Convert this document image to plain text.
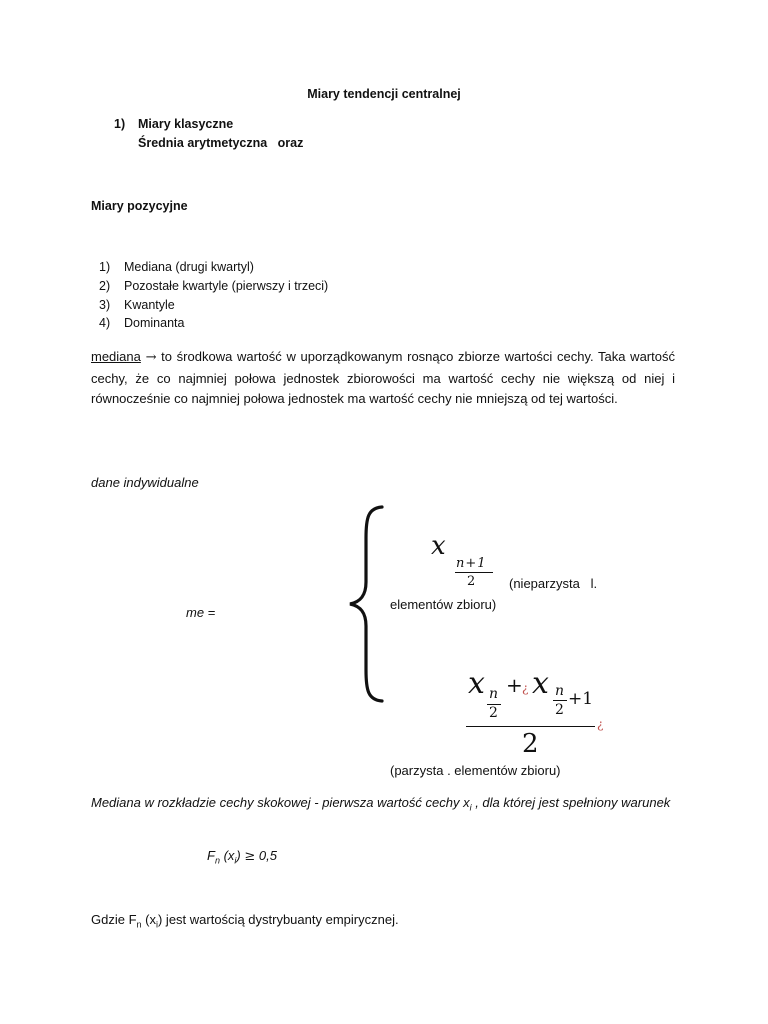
Miary tendencji centralnej
1) Miary klasyczne
Średnia arytmetyczna   oraz
Miary pozycyjne
1) Mediana (drugi kwartyl)
2) Pozostałe kwartyle (pierwszy i trzeci)
3) Kwantyle
4) Dominanta
mediana → to środkowa wartość w uporządkowanym rosnąco zbiorze wartości cechy. Taka wartość cechy, że co najmniej połowa jednostek zbiorowości ma wartość cechy nie większą od niej i równocześnie co najmniej połowa jednostek ma wartość cechy nie mniejszą od tej wartości.
dane indywidualne
me =
x
n+1
2	(nieparzysta   l.
elementów zbioru)
x n
2
+ ¿ x n
2
+1
¿
2
(parzysta . elementów zbioru)
Mediana w rozkładzie cechy skokowej - pierwsza wartość cechy $x_i$ , dla której jest spełniony warunek
$F_n$ $(x_i) \ge 0,5$
Gdzie $F_n$ $(x_i)$ jest wartością dystrybuanty empirycznej.
